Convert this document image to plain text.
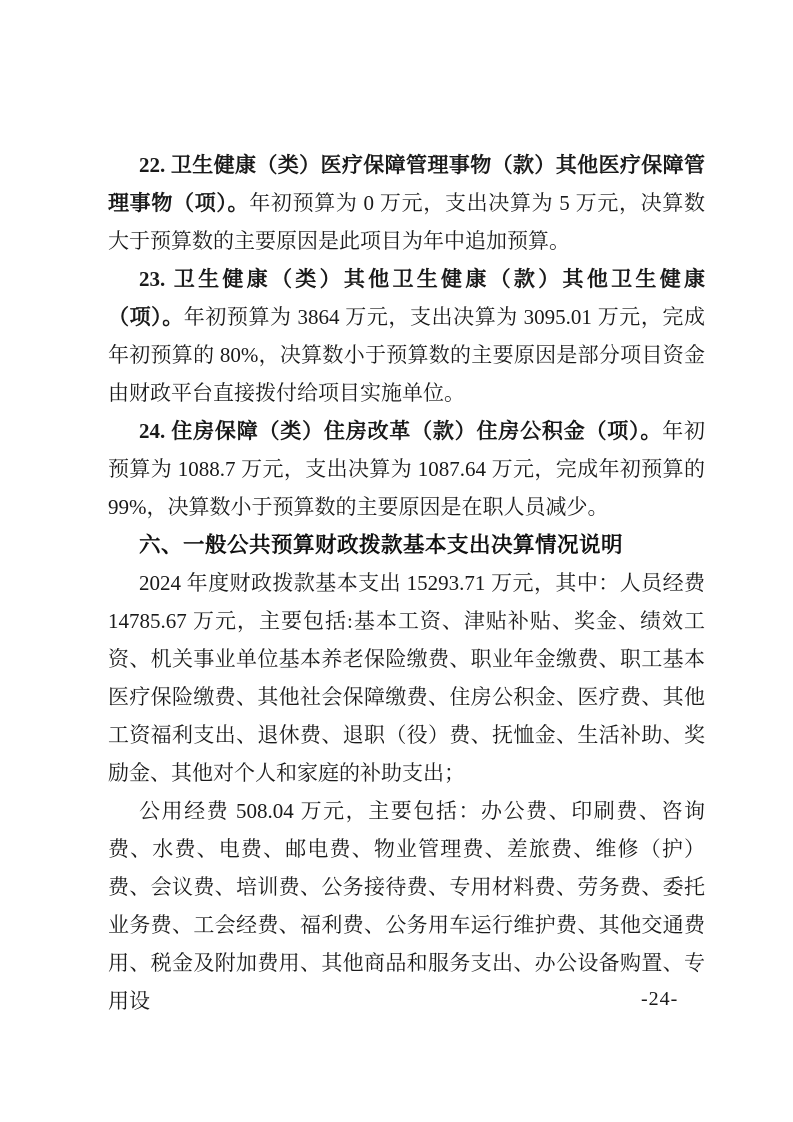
22. 卫生健康（类）医疗保障管理事物（款）其他医疗保障管理事物（项）。年初预算为 0 万元，支出决算为 5 万元，决算数大于预算数的主要原因是此项目为年中追加预算。

23. 卫生健康（类）其他卫生健康（款）其他卫生健康（项）。年初预算为 3864 万元，支出决算为 3095.01 万元，完成年初预算的 80%，决算数小于预算数的主要原因是部分项目资金由财政平台直接拨付给项目实施单位。

24. 住房保障（类）住房改革（款）住房公积金（项）。年初预算为 1088.7 万元，支出决算为 1087.64 万元，完成年初预算的 99%，决算数小于预算数的主要原因是在职人员减少。

六、一般公共预算财政拨款基本支出决算情况说明

2024 年度财政拨款基本支出 15293.71 万元，其中：人员经费 14785.67 万元，主要包括:基本工资、津贴补贴、奖金、绩效工资、机关事业单位基本养老保险缴费、职业年金缴费、职工基本医疗保险缴费、其他社会保障缴费、住房公积金、医疗费、其他工资福利支出、退休费、退职（役）费、抚恤金、生活补助、奖励金、其他对个人和家庭的补助支出；

公用经费 508.04 万元，主要包括：办公费、印刷费、咨询费、水费、电费、邮电费、物业管理费、差旅费、维修（护）费、会议费、培训费、公务接待费、专用材料费、劳务费、委托业务费、工会经费、福利费、公务用车运行维护费、其他交通费用、税金及附加费用、其他商品和服务支出、办公设备购置、专用设	-24-
